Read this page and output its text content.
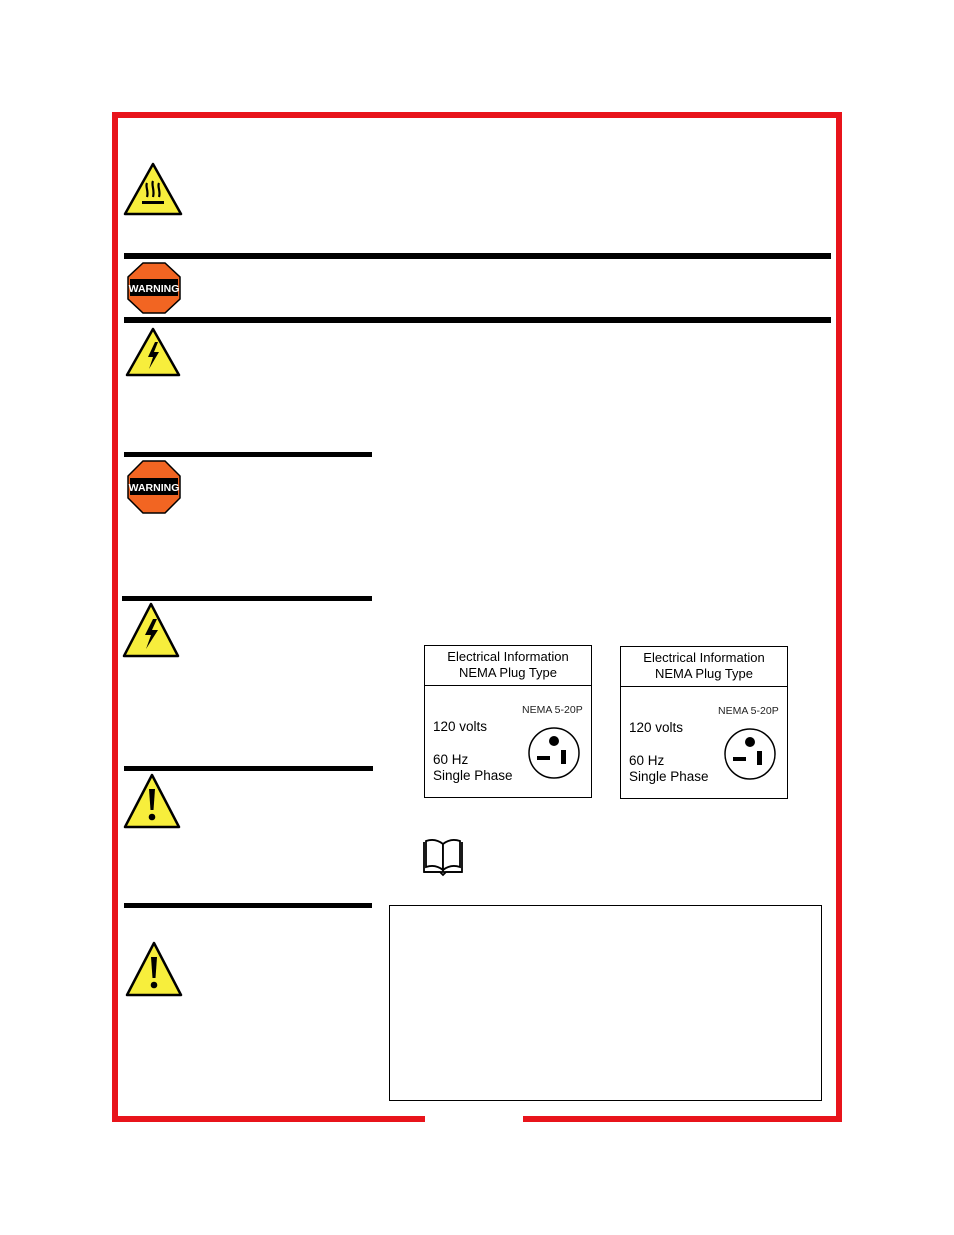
WARNING
WARNING
Electrical Information
NEMA Plug Type
NEMA 5-20P
120 volts
60 Hz
Single Phase
Electrical Information
NEMA Plug Type
NEMA 5-20P
120 volts
60 Hz
Single Phase
